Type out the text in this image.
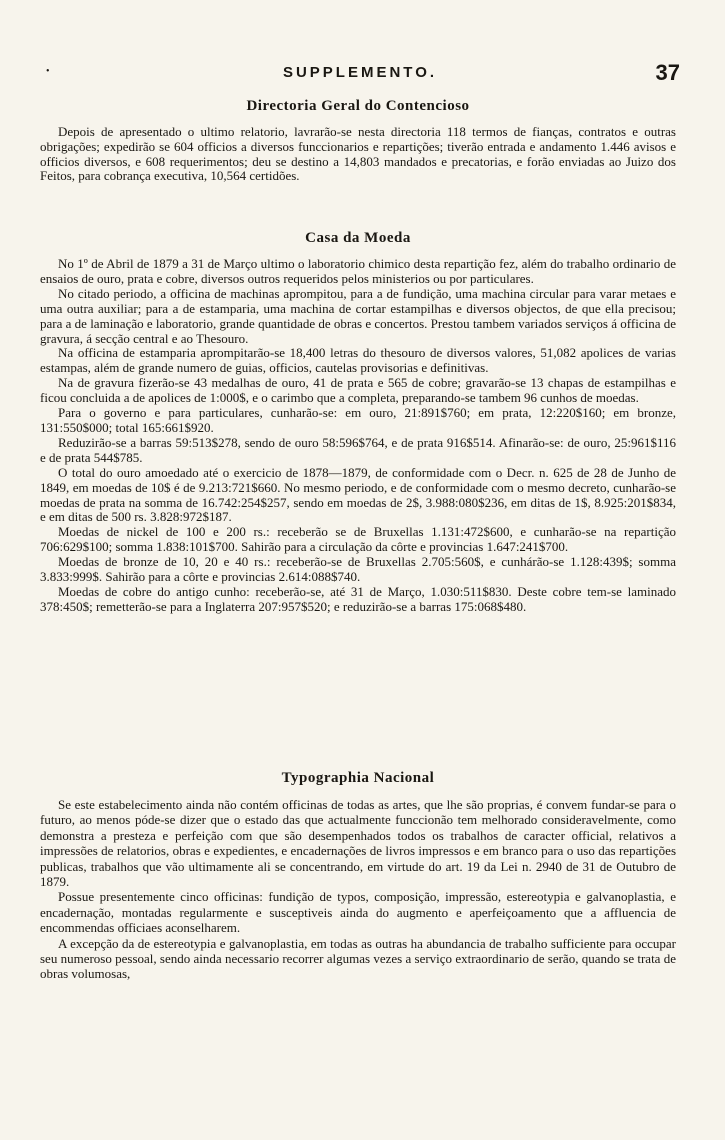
•	SUPPLEMENTO.	37
Directoria Geral do Contencioso

Depois de apresentado o ultimo relatorio, lavrarão-se nesta directoria 118 termos de fianças, contratos e outras obrigações; expedirão se 604 officios a diversos funccionarios e repartições; tiverão entrada e andamento 1.446 avisos e officios diversos, e 608 requerimentos; deu se destino a 14,803 mandados e precatorias, e forão enviadas ao Juizo dos Feitos, para cobrança executiva, 10,564 certidões.

Casa da Moeda

No 1º de Abril de 1879 a 31 de Março ultimo o laboratorio chimico desta repartição fez, além do trabalho ordinario de ensaios de ouro, prata e cobre, diversos outros requeridos pelos ministerios ou por particulares.

No citado periodo, a officina de machinas aprompitou, para a de fundição, uma machina circular para varar metaes e uma outra auxiliar; para a de estamparia, uma machina de cortar estampilhas e diversos objectos, de que ella precisou; para a de laminação e laboratorio, grande quantidade de obras e concertos. Prestou tambem variados serviços á officina de gravura, á secção central e ao Thesouro.

Na officina de estamparia aprompitarão-se 18,400 letras do thesouro de diversos valores, 51,082 apolices de varias estampas, além de grande numero de guias, officios, cautelas provisorias e definitivas.

Na de gravura fizerão-se 43 medalhas de ouro, 41 de prata e 565 de cobre; gravarão-se 13 chapas de estampilhas e ficou concluida a de apolices de 1:000$, e o carimbo que a completa, preparando-se tambem 96 cunhos de moedas.

Para o governo e para particulares, cunharão-se: em ouro, 21:891$760; em prata, 12:220$160; em bronze, 131:550$000; total 165:661$920.

Reduzirão-se a barras 59:513$278, sendo de ouro 58:596$764, e de prata 916$514. Afinarão-se: de ouro, 25:961$116 e de prata 544$785.

O total do ouro amoedado até o exercicio de 1878—1879, de conformidade com o Decr. n. 625 de 28 de Junho de 1849, em moedas de 10$ é de 9.213:721$660. No mesmo periodo, e de conformidade com o mesmo decreto, cunharão-se moedas de prata na somma de 16.742:254$257, sendo em moedas de 2$, 3.988:080$236, em ditas de 1$, 8.925:201$834, e em ditas de 500 rs. 3.828:972$187.

Moedas de nickel de 100 e 200 rs.: receberão se de Bruxellas 1.131:472$600, e cunharão-se na repartição 706:629$100; somma 1.838:101$700. Sahirão para a circulação da côrte e provincias 1.647:241$700.

Moedas de bronze de 10, 20 e 40 rs.: receberão-se de Bruxellas 2.705:560$, e cunhárão-se 1.128:439$; somma 3.833:999$. Sahirão para a côrte e provincias 2.614:088$740.

Moedas de cobre do antigo cunho: receberão-se, até 31 de Março, 1.030:511$830. Deste cobre tem-se laminado 378:450$; remetterão-se para a Inglaterra 207:957$520; e reduzirão-se a barras 175:068$480.

Typographia Nacional

Se este estabelecimento ainda não contém officinas de todas as artes, que lhe são proprias, é convem fundar-se para o futuro, ao menos póde-se dizer que o estado das que actualmente funccionão tem melhorado consideravelmente, como demonstra a presteza e perfeição com que são desempenhados todos os trabalhos de caracter official, relativos a impressões de relatorios, obras e expedientes, e encadernações de livros impressos e em branco para o uso das repartições publicas, trabalhos que vão ultimamente ali se concentrando, em virtude do art. 19 da Lei n. 2940 de 31 de Outubro de 1879.

Possue presentemente cinco officinas: fundição de typos, composição, impressão, estereotypia e galvanoplastia, e encadernação, montadas regularmente e susceptiveis ainda do augmento e aperfeiçoamento que a affluencia de encommendas officiaes aconselharem.

A excepção da de estereotypia e galvanoplastia, em todas as outras ha abundancia de trabalho sufficiente para occupar seu numeroso pessoal, sendo ainda necessario recorrer algumas vezes a serviço extraordinario de serão, quando se trata de obras volumosas,
